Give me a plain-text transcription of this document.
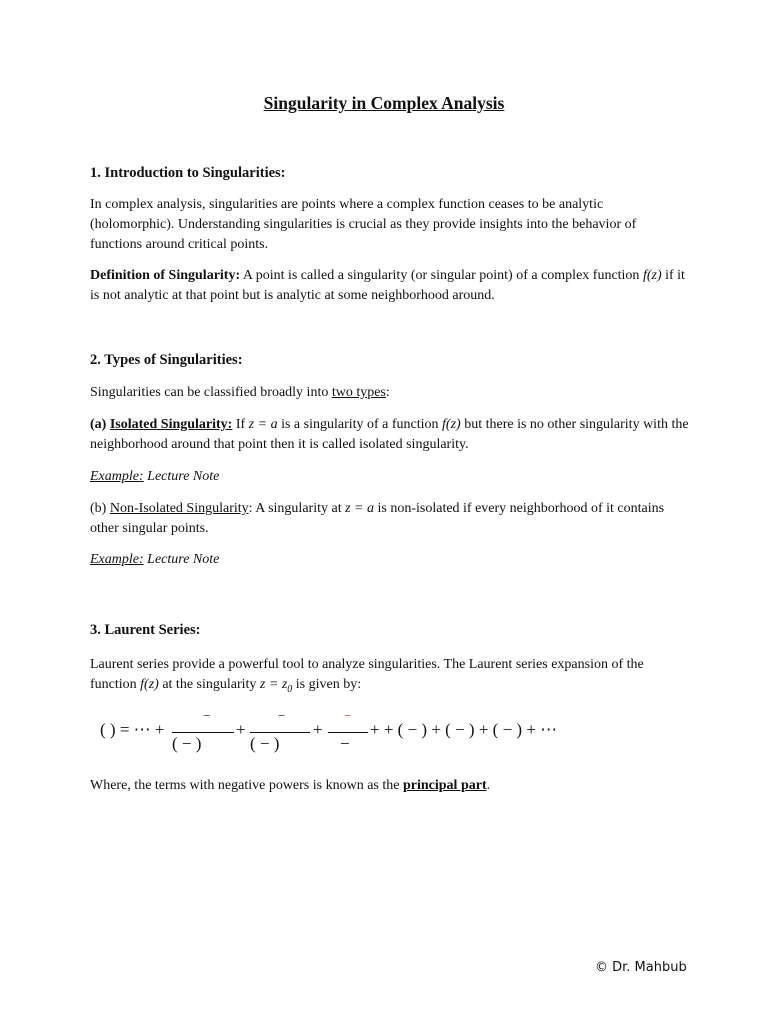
Singularity in Complex Analysis
1. Introduction to Singularities:
In complex analysis, singularities are points where a complex function ceases to be analytic (holomorphic). Understanding singularities is crucial as they provide insights into the behavior of functions around critical points.
Definition of Singularity: A point is called a singularity (or singular point) of a complex function f(z) if it is not analytic at that point but is analytic at some neighborhood around.
2. Types of Singularities:
Singularities can be classified broadly into two types:
(a) Isolated Singularity: If z = a is a singularity of a function f(z) but there is no other singularity with the neighborhood around that point then it is called isolated singularity.
Example: Lecture Note
(b) Non-Isolated Singularity: A singularity at z = a is non-isolated if every neighborhood of it contains other singular points.
Example: Lecture Note
3. Laurent Series:
Laurent series provide a powerful tool to analyze singularities. The Laurent series expansion of the function f(z) at the singularity $z = z_0$ is given by:
( ) = ⋯ +
−
( − )
+
−
( − )
+
−
−
+ + ( − ) + ( − ) + ( − ) + ⋯
Where, the terms with negative powers is known as the principal part.
© Dr. Mahbub
